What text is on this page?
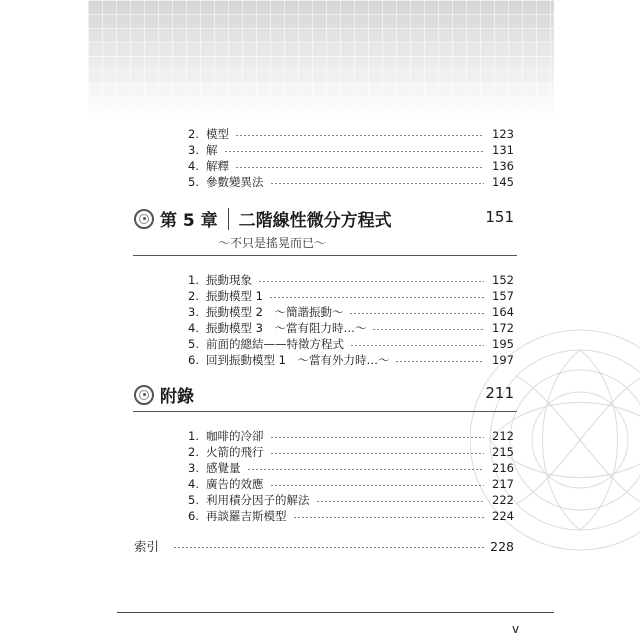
2. 模型	123
3. 解	131
4. 解釋	136
5. 參數變異法	145
第 5 章 二階線性微分方程式	151
～不只是搖晃而已～
1. 振動現象	152
2. 振動模型 1	157
3. 振動模型 2　～簡諧振動～	164
4. 振動模型 3　～當有阻力時…～	172
5. 前面的總結——特徵方程式	195
6. 回到振動模型 1　～當有外力時…～	197
附錄	211
1. 咖啡的冷卻	212
2. 火箭的飛行	215
3. 感覺量	216
4. 廣告的效應	217
5. 利用積分因子的解法	222
6. 再談羅吉斯模型	224
索引	228
v
